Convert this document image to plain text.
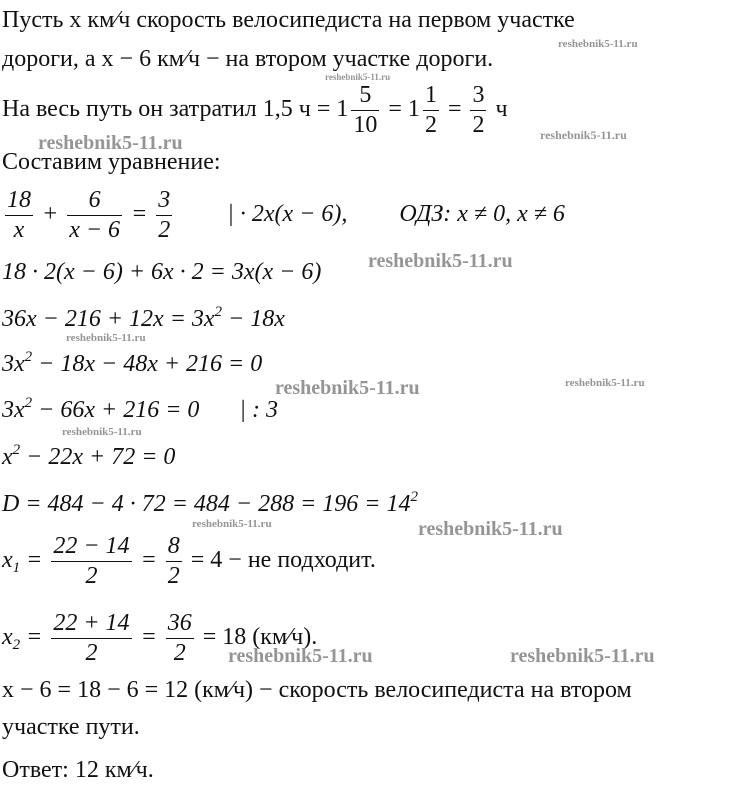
Пусть x км⁄ч скорость велосипедиста на первом участке
дороги, а x − 6 км⁄ч − на втором участке дороги.
На весь путь он затратил 1,5 $ч = 1 \frac{5}{10} = 1 \frac{1}{2} = \frac{3}{2}$ ч
Составим уравнение:
$\frac{18}{x} + \frac{6}{x - 6} = \frac{3}{2}$ | · 2x(x − 6), ОДЗ: x ≠ 0, x ≠ 6
18 · 2(x − 6) + 6x · 2 = 3x(x − 6)
$36x - 216 + 12x = 3x^2 - 18x$
$3x^2 - 18x - 48x + 216 = 0$
$3x^2 - 66x + 216 = 0$ | : 3
$x^2 - 22x + 72 = 0$
$D = 484 - 4 \cdot 72 = 484 - 288 = 196 = 14^2$
$x_1 = \frac{22 - 14}{2} = \frac{8}{2} = 4$ − не подходит.
$x_2 = \frac{22 + 14}{2} = \frac{36}{2} = 18$ (км⁄ч).
x − 6 = 18 − 6 = 12 (км⁄ч) − скорость велосипедиста на втором
участке пути.
Ответ: 12 км⁄ч.
reshebnik5-11.ru
reshebnik5-11.ru
reshebnik5-11.ru
reshebnik5-11.ru
reshebnik5-11.ru
reshebnik5-11.ru
reshebnik5-11.ru	reshebnik5-11.ru
reshebnik5-11.ru
reshebnik5-11.ru	reshebnik5-11.ru
reshebnik5-11.ru	reshebnik5-11.ru
